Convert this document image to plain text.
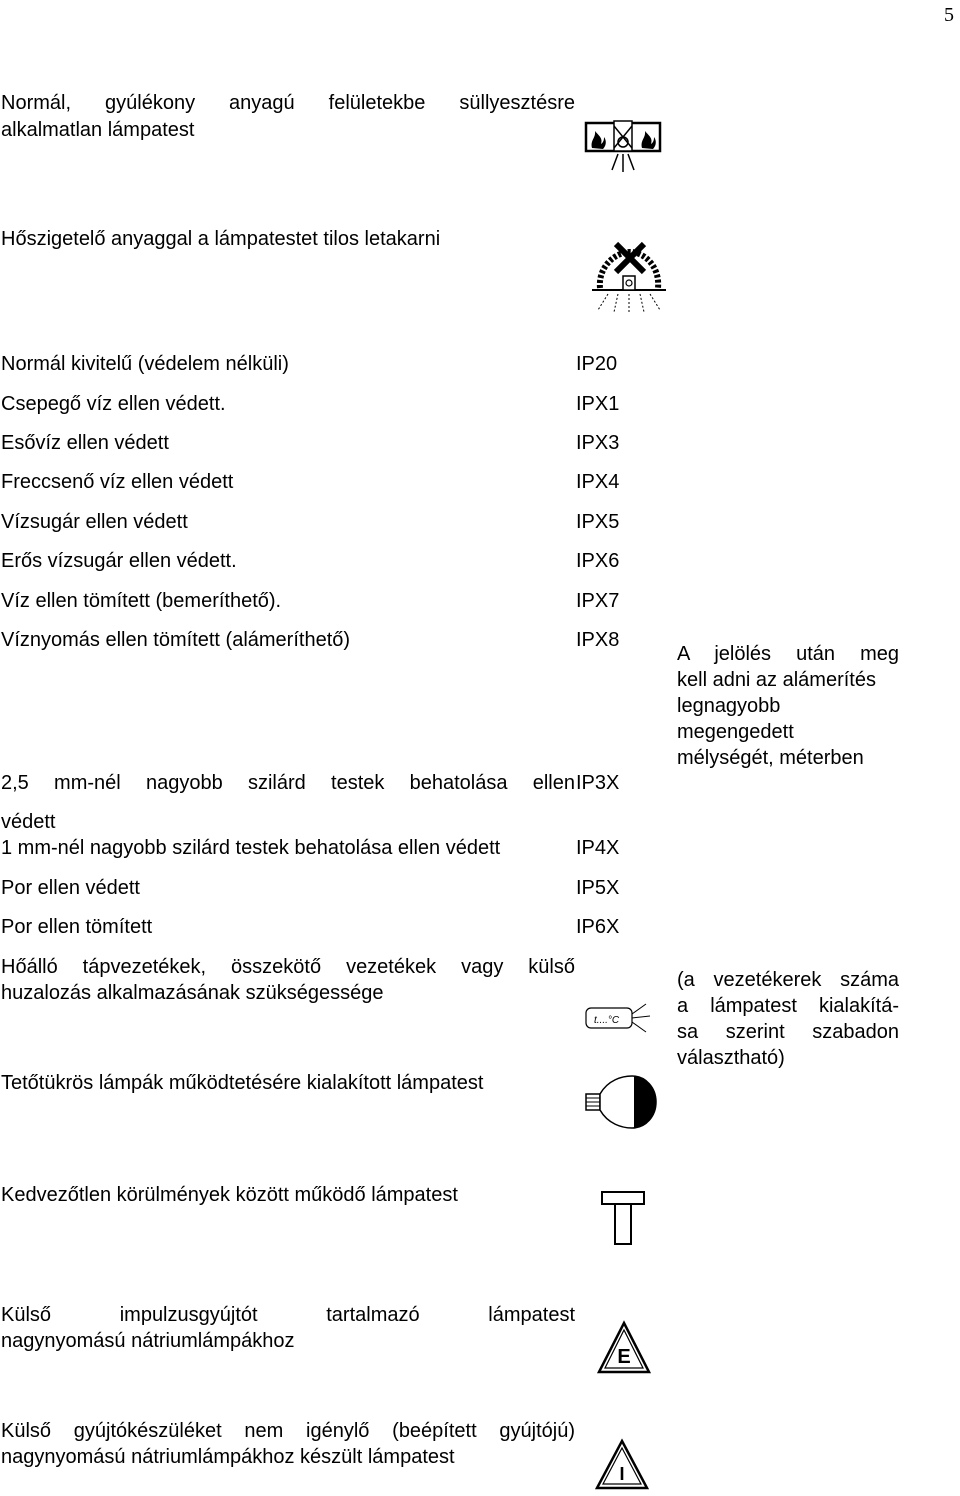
5
Normál, gyúlékony anyagú felületekbe süllyesztésre
alkalmatlan lámpatest
Hőszigetelő anyaggal a lámpatestet tilos letakarni
Normál kivitelű (védelem nélküli)	IP20
Csepegő víz ellen védett.	IPX1
Esővíz ellen védett	IPX3
Freccsenő víz ellen védett	IPX4
Vízsugár ellen védett	IPX5
Erős vízsugár ellen védett.	IPX6
Víz ellen tömített (bemeríthető).	IPX7
Víznyomás ellen tömített (alámeríthető)	IPX8
A jelölés után meg
kell adni az alámerítés
legnagyobb
megengedett
mélységét, méterben
2,5 mm-nél nagyobb szilárd testek behatolása ellen IP3X
védett
1 mm-nél nagyobb szilárd testek behatolása ellen védett	IP4X
Por ellen védett	IP5X
Por ellen tömített	IP6X
Hőálló tápvezetékek, összekötő vezetékek vagy külső
huzalozás alkalmazásának szükségessége
t....°C
(a vezetékerek száma
a lámpatest kialakítá-
sa szerint szabadon
választható)
Tetőtükrös lámpák működtetésére kialakított lámpatest
Kedvezőtlen körülmények között működő lámpatest
Külső impulzusgyújtót tartalmazó lámpatest
nagynyomású nátriumlámpákhoz
E
Külső gyújtókészüléket nem igénylő (beépített gyújtójú)
nagynyomású nátriumlámpákhoz készült lámpatest
I
